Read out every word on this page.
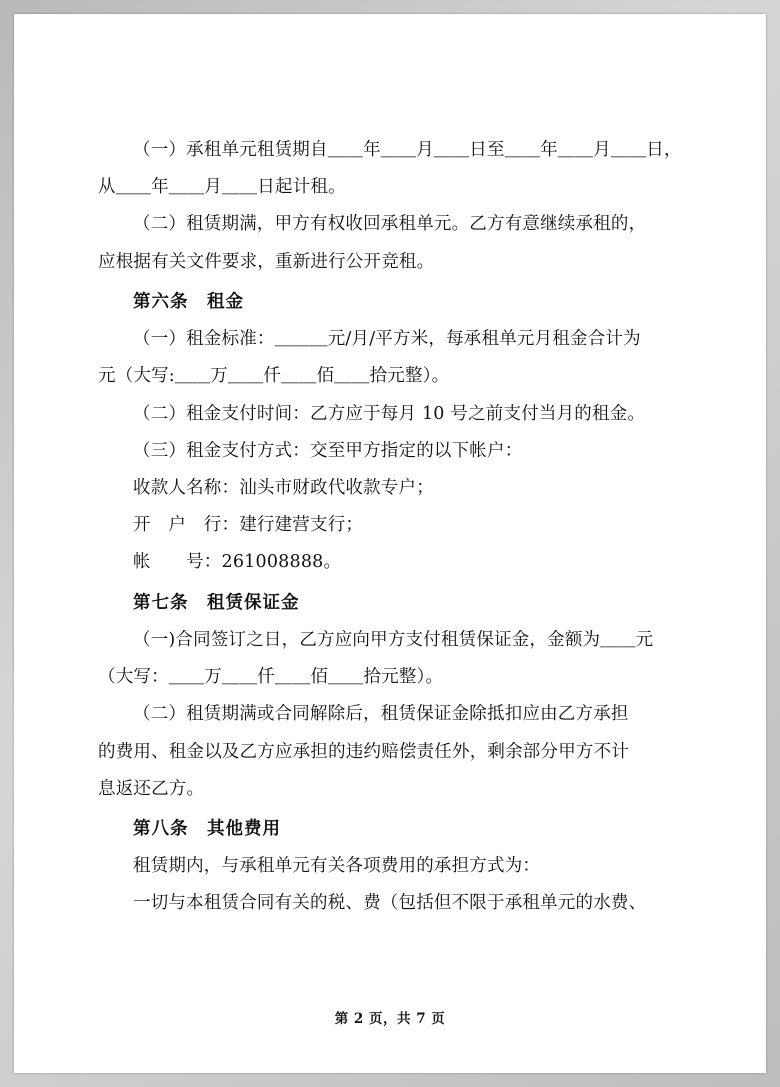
（一）承租单元租赁期自＿＿年＿＿月＿＿日至＿＿年＿＿月＿＿日，

从＿＿年＿＿月＿＿日起计租。

（二）租赁期满，甲方有权收回承租单元。乙方有意继续承租的，

应根据有关文件要求，重新进行公开竞租。

第六条　租金

（一）租金标准：＿＿＿元/月/平方米，每承租单元月租金合计为

元（大写:＿＿万＿＿仟＿＿佰＿＿拾元整）。

（二）租金支付时间：乙方应于每月 10 号之前支付当月的租金。

（三）租金支付方式：交至甲方指定的以下帐户：

收款人名称：汕头市财政代收款专户；

开　户　行：建行建营支行；

帐　　号：261008888。

第七条　租赁保证金

（一)合同签订之日，乙方应向甲方支付租赁保证金，金额为＿＿元

（大写：＿＿万＿＿仟＿＿佰＿＿拾元整）。

（二）租赁期满或合同解除后，租赁保证金除抵扣应由乙方承担

的费用、租金以及乙方应承担的违约赔偿责任外，剩余部分甲方不计

息返还乙方。

第八条　其他费用

租赁期内，与承租单元有关各项费用的承担方式为：

一切与本租赁合同有关的税、费（包括但不限于承租单元的水费、

第 2 页，共 7 页
